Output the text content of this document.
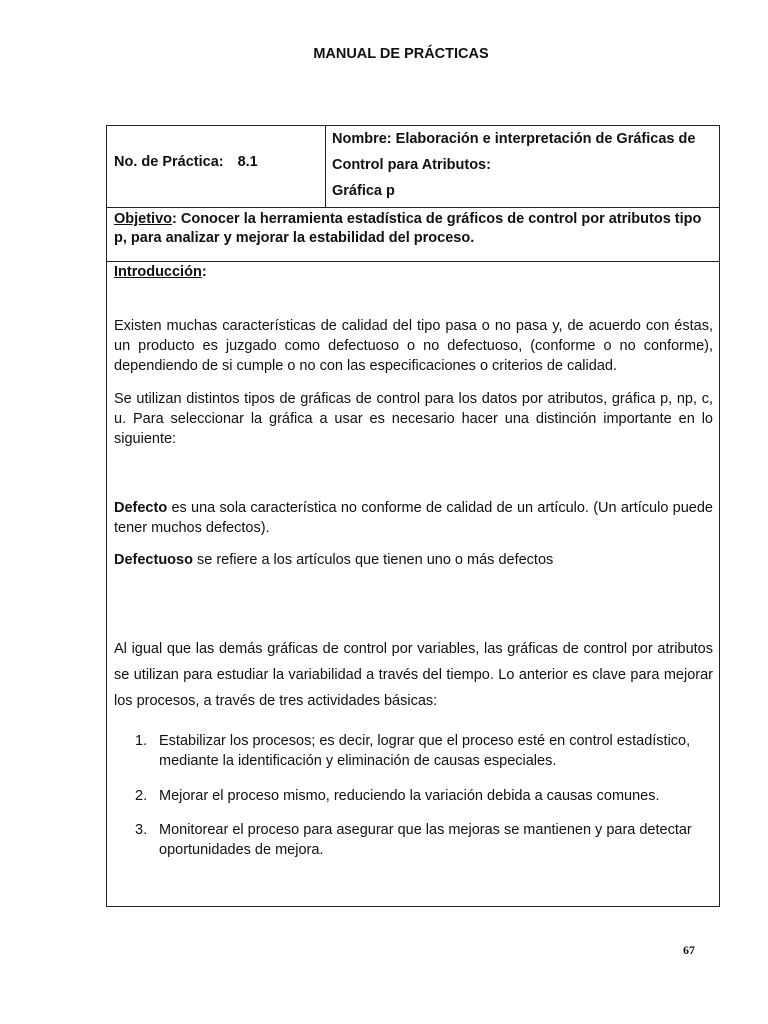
MANUAL DE PRÁCTICAS
No. de Práctica: 8.1
Nombre: Elaboración e interpretación de Gráficas de
Control para Atributos:
Gráfica p
Objetivo: Conocer la herramienta estadística de gráficos de control por atributos tipo p, para analizar y mejorar la estabilidad del proceso.
Introducción:
Existen muchas características de calidad del tipo pasa o no pasa y, de acuerdo con éstas, un producto es juzgado como defectuoso o no defectuoso, (conforme o no conforme), dependiendo de si cumple o no con las especificaciones o criterios de calidad.
Se utilizan distintos tipos de gráficas de control para los datos por atributos, gráfica p, np, c, u. Para seleccionar la gráfica a usar es necesario hacer una distinción importante en lo siguiente:
Defecto es una sola característica no conforme de calidad de un artículo. (Un artículo puede tener muchos defectos).
Defectuoso se refiere a los artículos que tienen uno o más defectos
Al igual que las demás gráficas de control por variables, las gráficas de control por atributos se utilizan para estudiar la variabilidad a través del tiempo. Lo anterior es clave para mejorar los procesos, a través de tres actividades básicas:
1. Estabilizar los procesos; es decir, lograr que el proceso esté en control estadístico, mediante la identificación y eliminación de causas especiales.
2. Mejorar el proceso mismo, reduciendo la variación debida a causas comunes.
3. Monitorear el proceso para asegurar que las mejoras se mantienen y para detectar oportunidades de mejora.
67
